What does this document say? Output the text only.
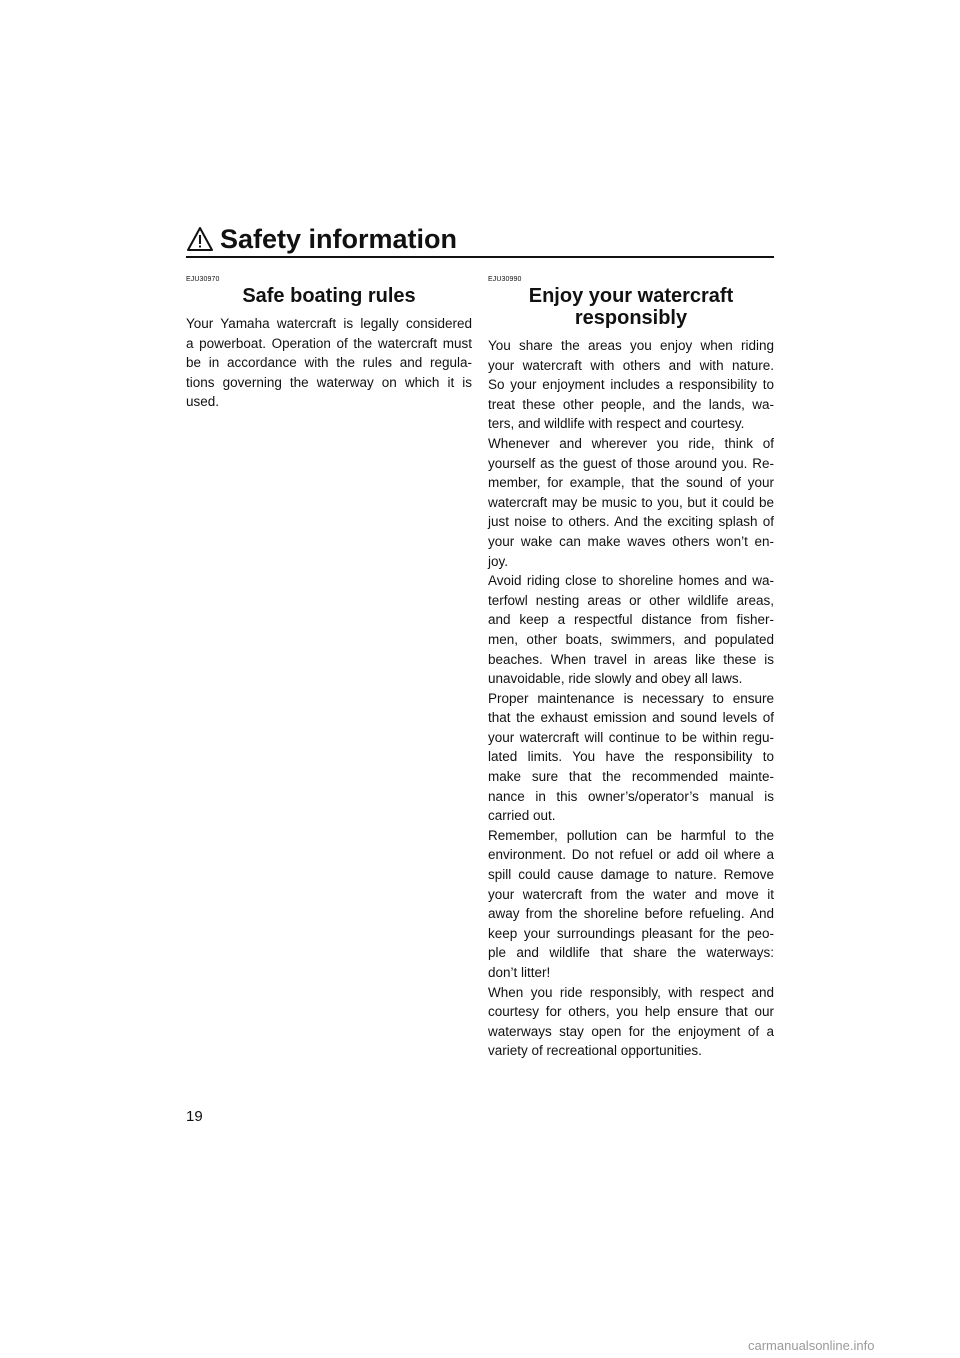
Safety information
EJU30970
Safe boating rules

Your Yamaha watercraft is legally considered
a powerboat. Operation of the watercraft must
be in accordance with the rules and regula-
tions governing the waterway on which it is
used.

EJU30990
Enjoy your watercraft
responsibly

You share the areas you enjoy when riding
your watercraft with others and with nature.
So your enjoyment includes a responsibility to
treat these other people, and the lands, wa-
ters, and wildlife with respect and courtesy.

Whenever and wherever you ride, think of
yourself as the guest of those around you. Re-
member, for example, that the sound of your
watercraft may be music to you, but it could be
just noise to others. And the exciting splash of
your wake can make waves others won’t en-
joy.

Avoid riding close to shoreline homes and wa-
terfowl nesting areas or other wildlife areas,
and keep a respectful distance from fisher-
men, other boats, swimmers, and populated
beaches. When travel in areas like these is
unavoidable, ride slowly and obey all laws.

Proper maintenance is necessary to ensure
that the exhaust emission and sound levels of
your watercraft will continue to be within regu-
lated limits. You have the responsibility to
make sure that the recommended mainte-
nance in this owner’s/operator’s manual is
carried out.

Remember, pollution can be harmful to the
environment. Do not refuel or add oil where a
spill could cause damage to nature. Remove
your watercraft from the water and move it
away from the shoreline before refueling. And
keep your surroundings pleasant for the peo-
ple and wildlife that share the waterways:
don’t litter!

When you ride responsibly, with respect and
courtesy for others, you help ensure that our
waterways stay open for the enjoyment of a
variety of recreational opportunities.

19
carmanualsonline.info
